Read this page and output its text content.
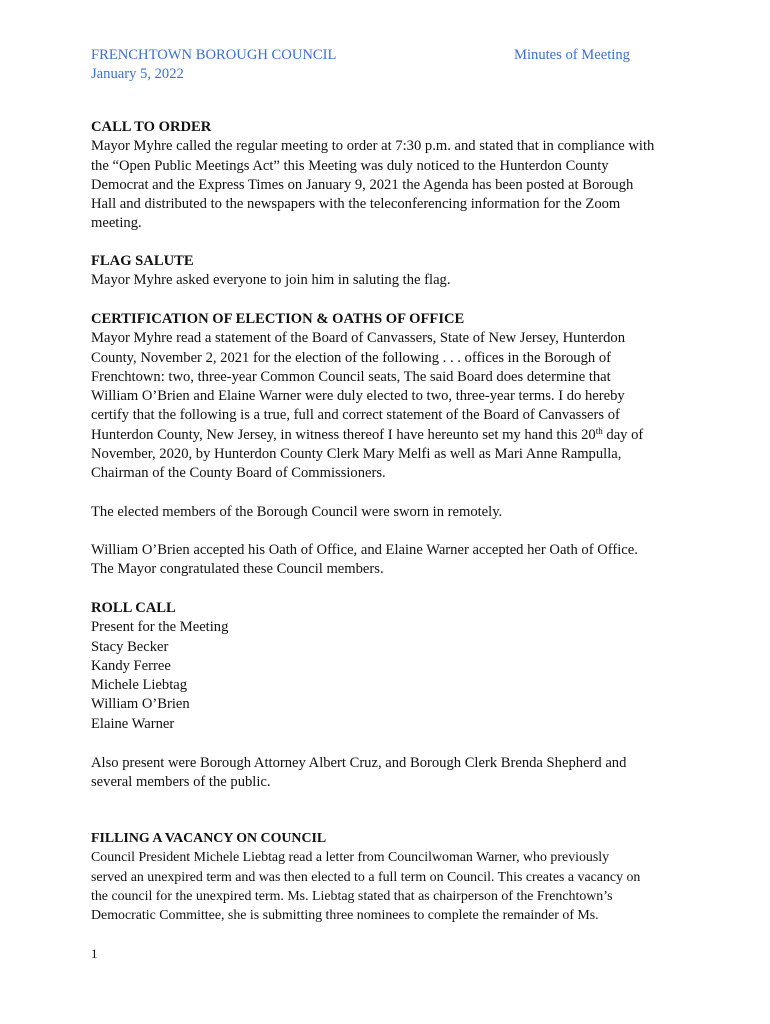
FRENCHTOWN BOROUGH COUNCIL
January 5, 2022
Minutes of Meeting
CALL TO ORDER
Mayor Myhre called the regular meeting to order at 7:30 p.m. and stated that in compliance with
the “Open Public Meetings Act” this Meeting was duly noticed to the Hunterdon County
Democrat and the Express Times on January 9, 2021 the Agenda has been posted at Borough
Hall and distributed to the newspapers with the teleconferencing information for the Zoom
meeting.
FLAG SALUTE
Mayor Myhre asked everyone to join him in saluting the flag.
CERTIFICATION OF ELECTION & OATHS OF OFFICE
Mayor Myhre read a statement of the Board of Canvassers, State of New Jersey, Hunterdon
County, November 2, 2021 for the election of the following . . . offices in the Borough of
Frenchtown: two, three-year Common Council seats, The said Board does determine that
William O’Brien and Elaine Warner were duly elected to two, three-year terms. I do hereby
certify that the following is a true, full and correct statement of the Board of Canvassers of
Hunterdon County, New Jersey, in witness thereof I have hereunto set my hand this 20th day of
November, 2020, by Hunterdon County Clerk Mary Melfi as well as Mari Anne Rampulla,
Chairman of the County Board of Commissioners.
The elected members of the Borough Council were sworn in remotely.
William O’Brien accepted his Oath of Office, and Elaine Warner accepted her Oath of Office.
The Mayor congratulated these Council members.
ROLL CALL
Present for the Meeting
Stacy Becker
Kandy Ferree
Michele Liebtag
William O’Brien
Elaine Warner
Also present were Borough Attorney Albert Cruz, and Borough Clerk Brenda Shepherd and
several members of the public.
FILLING A VACANCY ON COUNCIL
Council President Michele Liebtag read a letter from Councilwoman Warner, who previously
served an unexpired term and was then elected to a full term on Council. This creates a vacancy on
the council for the unexpired term. Ms. Liebtag stated that as chairperson of the Frenchtown’s
Democratic Committee, she is submitting three nominees to complete the remainder of Ms.
1
